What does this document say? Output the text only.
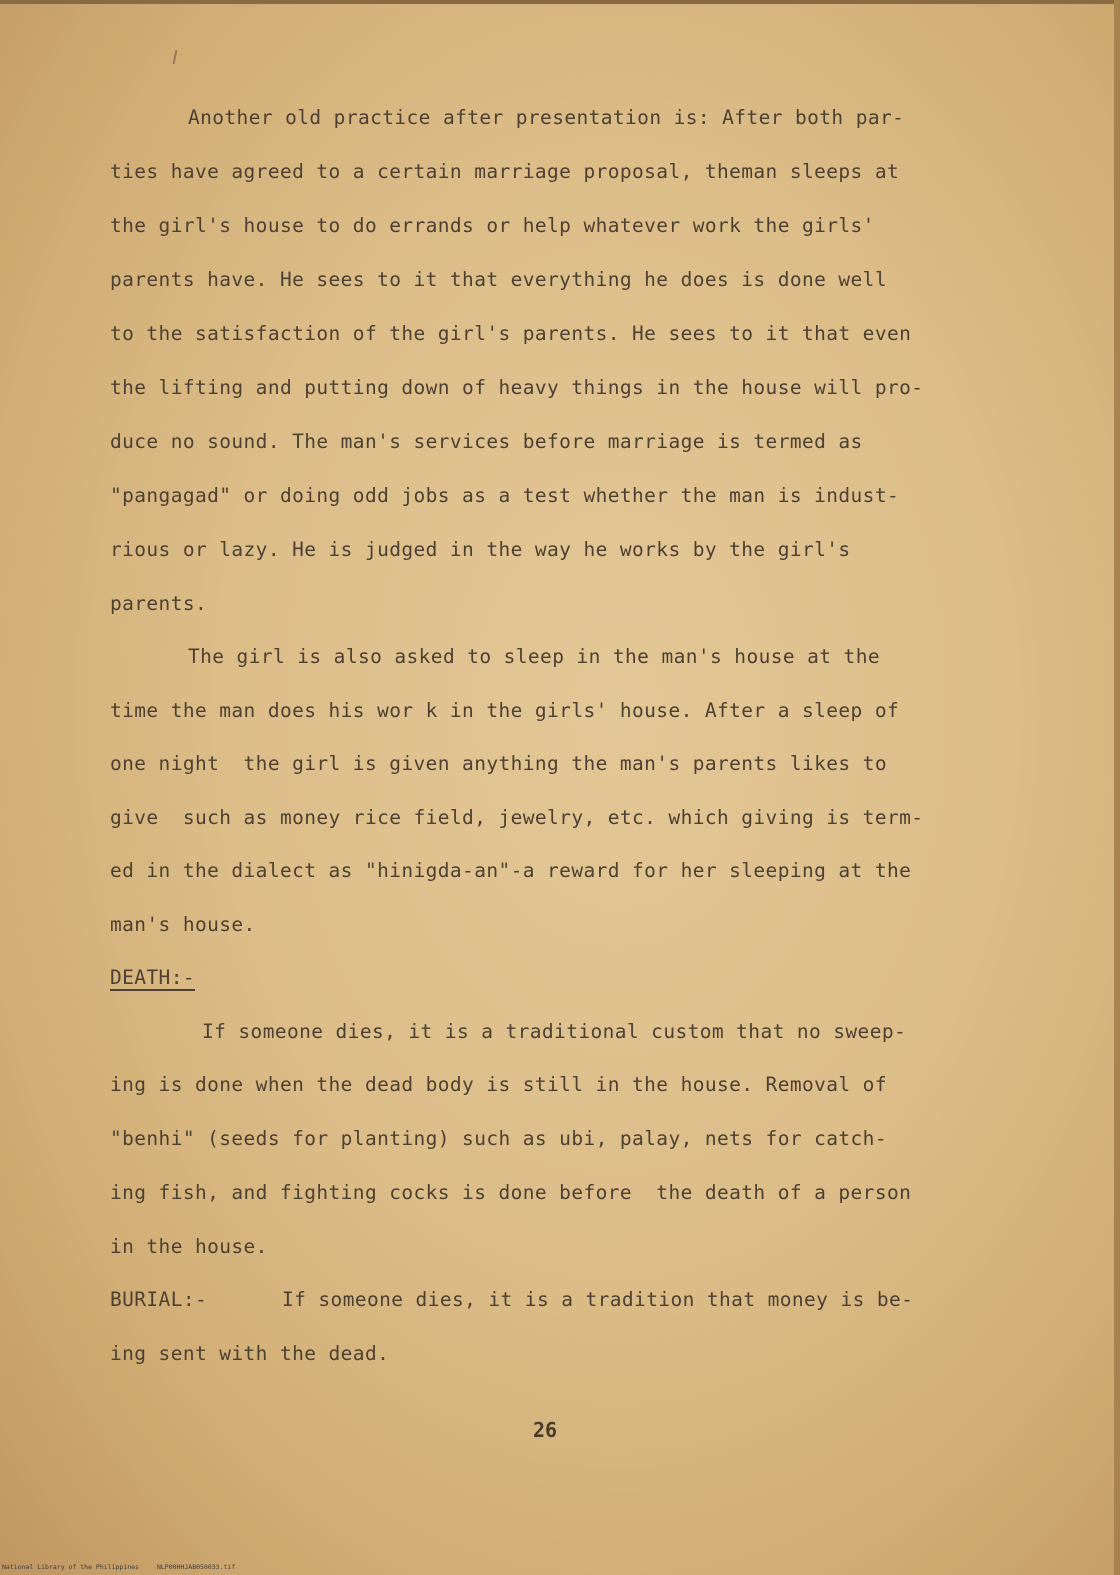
Another old practice after presentation is: After both par-
ties have agreed to a certain marriage proposal, theman sleeps at
the girl's house to do errands or help whatever work the girls'
parents have. He sees to it that everything he does is done well
to the satisfaction of the girl's parents. He sees to it that even
the lifting and putting down of heavy things in the house will pro-
duce no sound. The man's services before marriage is termed as
"pangagad" or doing odd jobs as a test whether the man is indust-
rious or lazy. He is judged in the way he works by the girl's
parents.
The girl is also asked to sleep in the man's house at the
time the man does his wor k in the girls' house. After a sleep of
one night  the girl is given anything the man's parents likes to
give  such as money rice field, jewelry, etc. which giving is term-
ed in the dialect as "hinigda-an"-a reward for her sleeping at the
man's house.
DEATH:-
If someone dies, it is a traditional custom that no sweep-
ing is done when the dead body is still in the house. Removal of
"benhi" (seeds for planting) such as ubi, palay, nets for catch-
ing fish, and fighting cocks is done before  the death of a person
in the house.
BURIAL:-	If someone dies, it is a tradition that money is be-
ing sent with the dead.
26
National Library of the Philippines	NLP00HHJAB050033.tif
